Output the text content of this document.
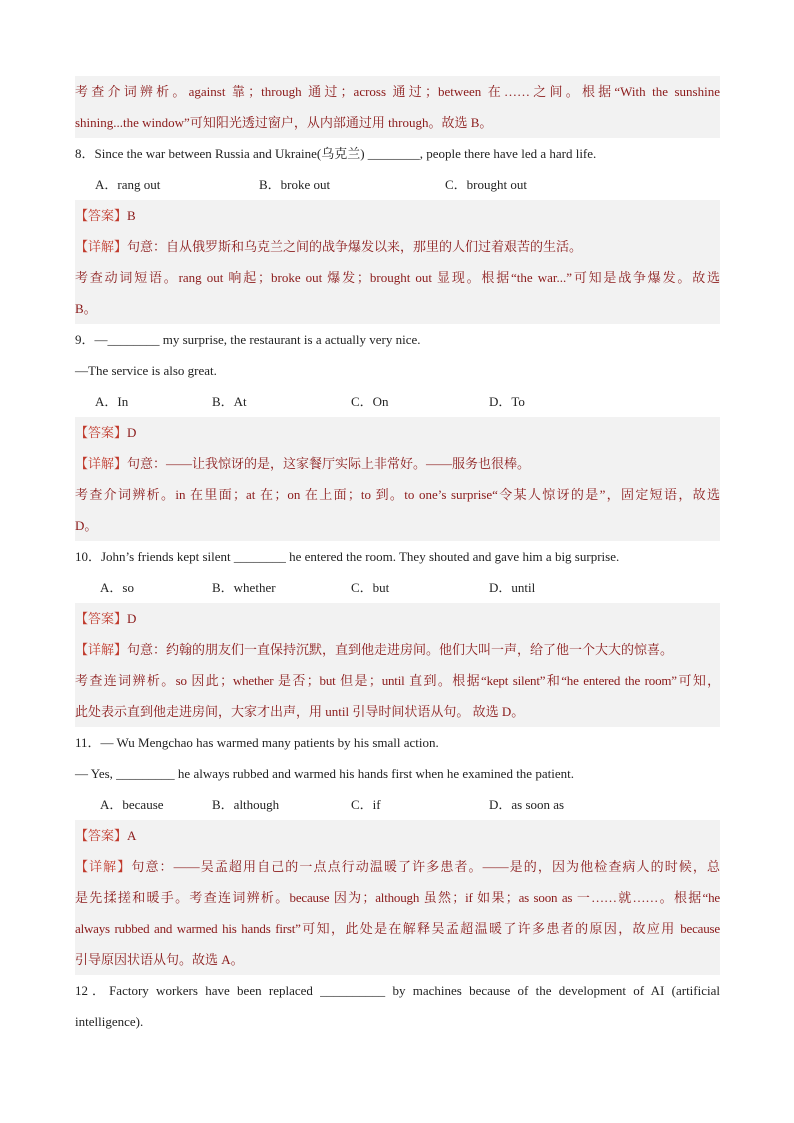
考查介词辨析。against 靠；through 通过；across 通过；between 在……之间。根据“With the sunshine
shining...the window”可知阳光透过窗户，从内部通过用 through。故选 B。
8．Since the war between Russia and Ukraine(乌克兰) ________, people there have led a hard life.
A．rang out	B．broke out	C．brought out
【答案】B
【详解】句意：自从俄罗斯和乌克兰之间的战争爆发以来，那里的人们过着艰苦的生活。
考查动词短语。rang out 响起；broke out 爆发；brought out 显现。根据“the war...”可知是战争爆发。故选
B。
9．—________ my surprise, the restaurant is a actually very nice.
—The service is also great.
A．In	B．At	C．On	D．To
【答案】D
【详解】句意：——让我惊讶的是，这家餐厅实际上非常好。——服务也很棒。
考查介词辨析。in 在里面；at 在；on 在上面；to 到。to one’s surprise“令某人惊讶的是”，固定短语，故选
D。
10．John’s friends kept silent ________ he entered the room. They shouted and gave him a big surprise.
A．so	B．whether	C．but	D．until
【答案】D
【详解】句意：约翰的朋友们一直保持沉默，直到他走进房间。他们大叫一声，给了他一个大大的惊喜。
考查连词辨析。so 因此；whether 是否；but 但是；until 直到。根据“kept silent”和“he entered the room”可知，
此处表示直到他走进房间，大家才出声，用 until 引导时间状语从句。 故选 D。
11．— Wu Mengchao has warmed many patients by his small action.
— Yes, _________ he always rubbed and warmed his hands first when he examined the patient.
A．because	B．although	C．if	D．as soon as
【答案】A
【详解】句意：——吴孟超用自己的一点点行动温暖了许多患者。——是的，因为他检查病人的时候，总
是先揉搓和暖手。考查连词辨析。because 因为；although 虽然；if 如果；as soon as 一……就……。根据“he
always rubbed and warmed his hands first”可知，此处是在解释吴孟超温暖了许多患者的原因，故应用 because
引导原因状语从句。故选 A。
12．Factory workers have been replaced __________ by machines because of the development of AI (artificial
intelligence).
